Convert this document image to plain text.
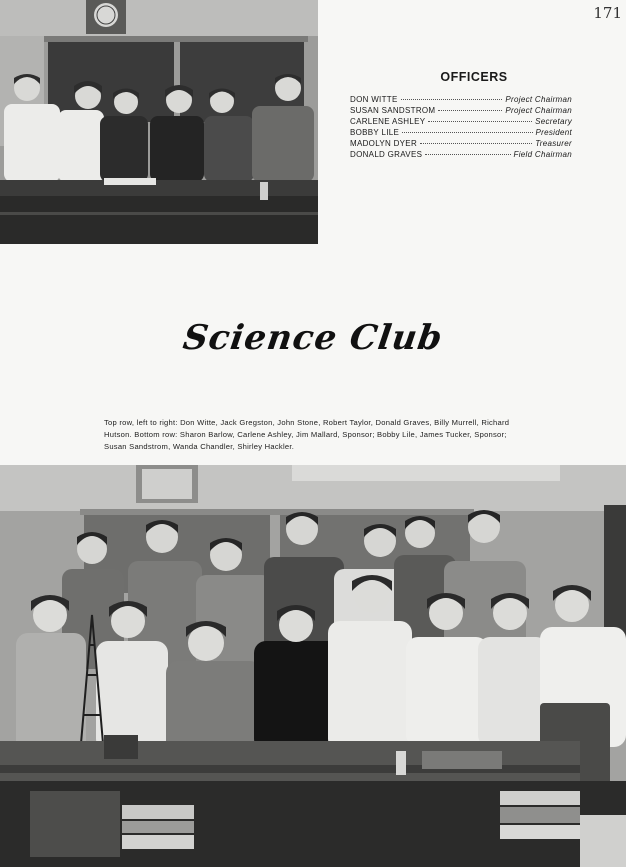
171
OFFICERS
DON WITTE	Project Chairman
SUSAN SANDSTROM	Project Chairman
CARLENE ASHLEY	Secretary
BOBBY LILE	President
MADOLYN DYER	Treasurer
DONALD GRAVES	Field Chairman
Science Club
Top row, left to right: Don Witte, Jack Gregston, John Stone, Robert Taylor, Donald Graves, Billy Murrell, Richard Hutson. Bottom row: Sharon Barlow, Carlene Ashley, Jim Mallard, Sponsor; Bobby Lile, James Tucker, Sponsor; Susan Sandstrom, Wanda Chandler, Shirley Hackler.
